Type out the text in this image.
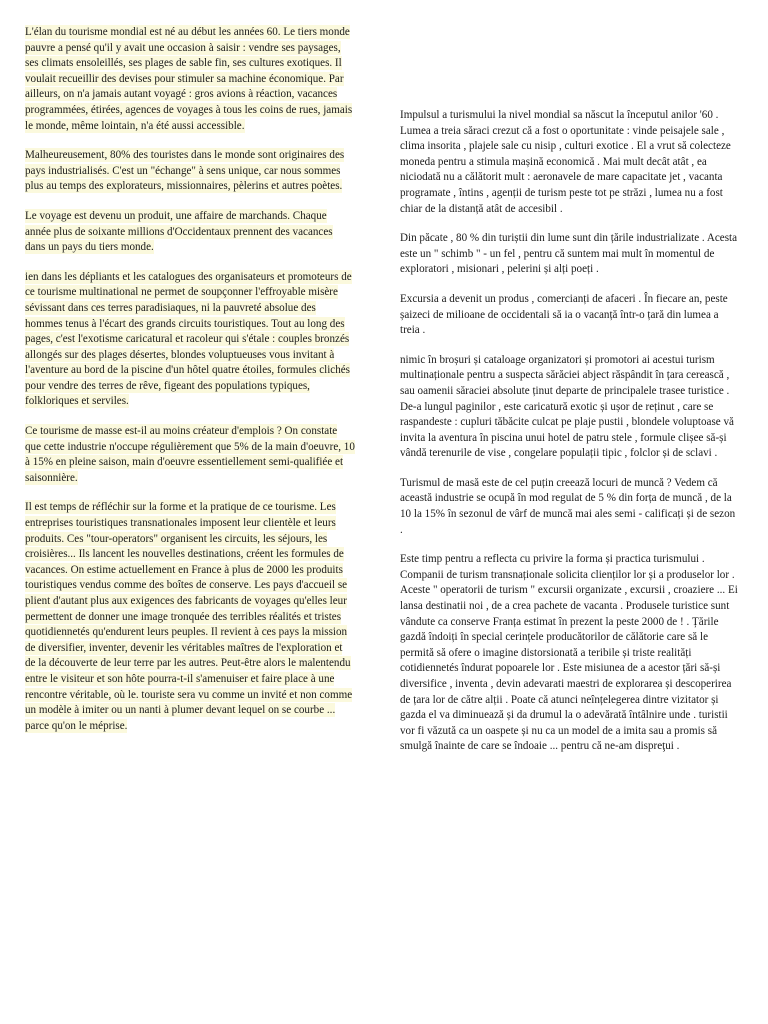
L'élan du tourisme mondial est né au début les années 60. Le tiers monde pauvre a pensé qu'il y avait une occasion à saisir : vendre ses paysages, ses climats ensoleillés, ses plages de sable fin, ses cultures exotiques. Il voulait recueillir des devises pour stimuler sa machine économique. Par ailleurs, on n'a jamais autant voyagé : gros avions à réaction, vacances programmées, étirées, agences de voyages à tous les coins de rues, jamais le monde, même lointain, n'a été aussi accessible.

Malheureusement, 80% des touristes dans le monde sont originaires des pays industrialisés. C'est un "échange" à sens unique, car nous sommes plus au temps des explorateurs, missionnaires, pèlerins et autres poètes.

Le voyage est devenu un produit, une affaire de marchands. Chaque année plus de soixante millions d'Occidentaux prennent des vacances dans un pays du tiers monde.

ien dans les dépliants et les catalogues des organisateurs et promoteurs de ce tourisme multinational ne permet de soupçonner l'effroyable misère sévissant dans ces terres paradisiaques, ni la pauvreté absolue des hommes tenus à l'écart des grands circuits touristiques. Tout au long des pages, c'est l'exotisme caricatural et racoleur qui s'étale : couples bronzés allongés sur des plages désertes, blondes voluptueuses vous invitant à l'aventure au bord de la piscine d'un hôtel quatre étoiles, formules clichés pour vendre des terres de rêve, figeant des populations typiques, folkloriques et serviles.

Ce tourisme de masse est-il au moins créateur d'emplois ? On constate que cette industrie n'occupe régulièrement que 5% de la main d'oeuvre, 10 à 15% en pleine saison, main d'oeuvre essentiellement semi-qualifiée et saisonnière.

Il est temps de réfléchir sur la forme et la pratique de ce tourisme. Les entreprises touristiques transnationales imposent leur clientèle et leurs produits. Ces "tour-operators" organisent les circuits, les séjours, les croisières... Ils lancent les nouvelles destinations, créent les formules de vacances. On estime actuellement en France à plus de 2000 les produits touristiques vendus comme des boîtes de conserve. Les pays d'accueil se plient d'autant plus aux exigences des fabricants de voyages qu'elles leur permettent de donner une image tronquée des terribles réalités et tristes quotidiennetés qu'endurent leurs peuples. Il revient à ces pays la mission de diversifier, inventer, devenir les véritables maîtres de l'exploration et de la découverte de leur terre par les autres. Peut-être alors le malentendu entre le visiteur et son hôte pourra-t-il s'amenuiser et faire place à une rencontre véritable, où le. touriste sera vu comme un invité et non comme un modèle à imiter ou un nanti à plumer devant lequel on se courbe ... parce qu'on le méprise.

Impulsul a turismului la nivel mondial sa născut la începutul anilor '60 . Lumea a treia săraci crezut că a fost o oportunitate : vinde peisajele sale , clima insorita , plajele sale cu nisip , culturi exotice . El a vrut să colecteze moneda pentru a stimula mașină economică . Mai mult decât atât , ea niciodată nu a călătorit mult : aeronavele de mare capacitate jet , vacanta programate , întins , agenții de turism peste tot pe străzi , lumea nu a fost chiar de la distanță atât de accesibil .

Din păcate , 80 % din turiștii din lume sunt din țările industrializate . Acesta este un " schimb " - un fel , pentru că suntem mai mult în momentul de exploratori , misionari , pelerini și alți poeți .

Excursia a devenit un produs , comercianți de afaceri . În fiecare an, peste șaizeci de milioane de occidentali să ia o vacanță într-o țară din lumea a treia .

nimic în broșuri și cataloage organizatori și promotori ai acestui turism multinaționale pentru a suspecta sărăciei abject răspândit în țara cerească , sau oamenii săraciei absolute ținut departe de principalele trasee turistice . De-a lungul paginilor , este caricatură exotic și ușor de reținut , care se raspandeste : cupluri tăbăcite culcat pe plaje pustii , blondele voluptoase vă invita la aventura în piscina unui hotel de patru stele , formule clișee să-și vândă terenurile de vise , congelare populații tipic , folclor și de sclavi .

Turismul de masă este de cel puțin creează locuri de muncă ? Vedem că această industrie se ocupă în mod regulat de 5 % din forța de muncă , de la 10 la 15% în sezonul de vârf de muncă mai ales semi - calificați și de sezon .

Este timp pentru a reflecta cu privire la forma și practica turismului . Companii de turism transnaționale solicita clienților lor și a produselor lor . Aceste " operatorii de turism " excursii organizate , excursii , croaziere ... Ei lansa destinatii noi , de a crea pachete de vacanta . Produsele turistice sunt vândute ca conserve Franța estimat în prezent la peste 2000 de ! . Țările gazdă îndoiți în special cerințele producătorilor de călătorie care să le permită să ofere o imagine distorsionată a teribile și triste realități cotidiennetés îndurat popoarele lor . Este misiunea de a acestor țări să-și diversifice , inventa , devin adevarati maestri de explorarea și descoperirea de țara lor de către alții . Poate că atunci neînțelegerea dintre vizitator și gazda el va diminuează și da drumul la o adevărată întâlnire unde . turistii vor fi văzută ca un oaspete și nu ca un model de a imita sau a promis să smulgă înainte de care se îndoaie ... pentru că ne-am dispreţui .
